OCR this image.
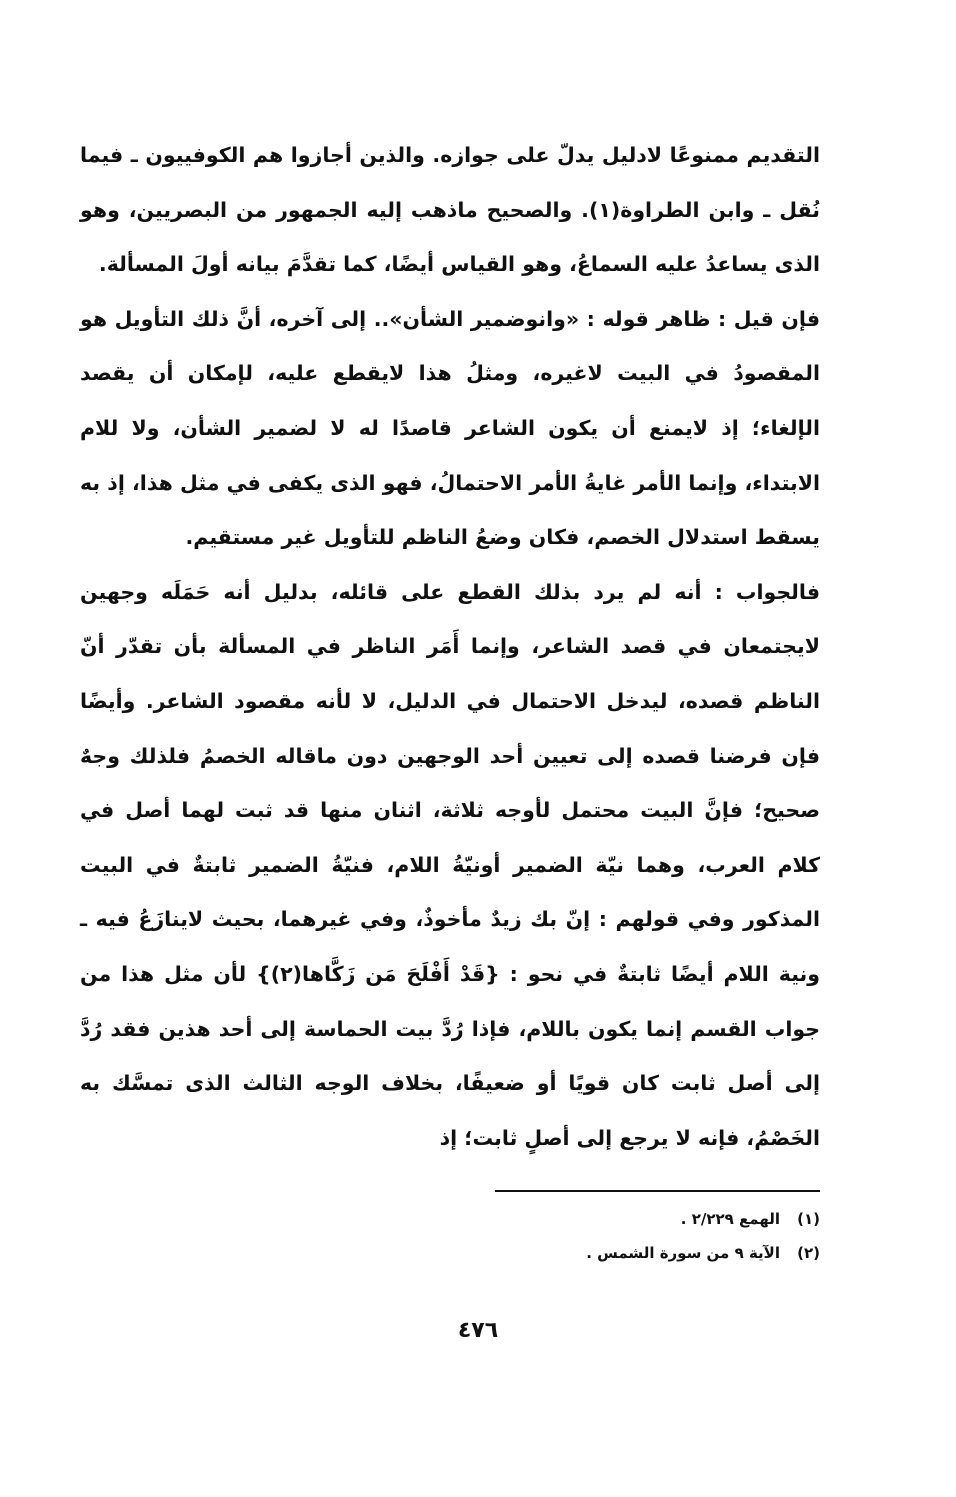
التقديم ممنوعًا لادليل يدلّ على جوازه. والذين أجازوا هم الكوفييون ـ فيما نُقل ـ وابن الطراوة(١). والصحيح ماذهب إليه الجمهور من البصريين، وهو الذى يساعدُ عليه السماعُ، وهو القياس أيضًا، كما تقدَّمَ بيانه أولَ المسألة.

فإن قيل : ظاهر قوله : «وانوضمير الشأن».. إلى آخره، أنَّ ذلك التأويل هو المقصودُ في البيت لاغيره، ومثلُ هذا لايقطع عليه، لإمكان أن يقصد الإلغاء؛ إذ لايمنع أن يكون الشاعر قاصدًا له لا لضمير الشأن، ولا للام الابتداء، وإنما الأمر غايةُ الأمر الاحتمالُ، فهو الذى يكفى في مثل هذا، إذ به يسقط استدلال الخصم، فكان وضعُ الناظم للتأويل غير مستقيم.

فالجواب : أنه لم يرد بذلك القطع على قائله، بدليل أنه حَمَلَه وجهين لايجتمعان في قصد الشاعر، وإنما أَمَر الناظر في المسألة بأن تقدّر أنّ الناظم قصده، ليدخل الاحتمال في الدليل، لا لأنه مقصود الشاعر. وأيضًا فإن فرضنا قصده إلى تعيين أحد الوجهين دون ماقاله الخصمُ فلذلك وجهٌ صحيح؛ فإنَّ البيت محتمل لأوجه ثلاثة، اثنان منها قد ثبت لهما أصل في كلام العرب، وهما نيّة الضمير أونيّةُ اللام، فنيّةُ الضمير ثابتةٌ في البيت المذكور وفي قولهم : إنّ بك زيدٌ مأخوذٌ، وفي غيرهما، بحيث لاينازَعُ فيه ـ ونية اللام أيضًا ثابتةٌ في نحو : {قَدْ أَفْلَحَ مَن زَكَّاها(٢)} لأن مثل هذا من جواب القسم إنما يكون باللام، فإذا رُدَّ بيت الحماسة إلى أحد هذين فقد رُدَّ إلى أصل ثابت كان قويًا أو ضعيفًا، بخلاف الوجه الثالث الذى تمسَّك به الخَصْمُ، فإنه لا يرجع إلى أصلٍ ثابت؛ إذ

(١)
الهمع ٢/٢٢٩ .
(٢)
الآية ٩ من سورة الشمس .
٤٧٦
